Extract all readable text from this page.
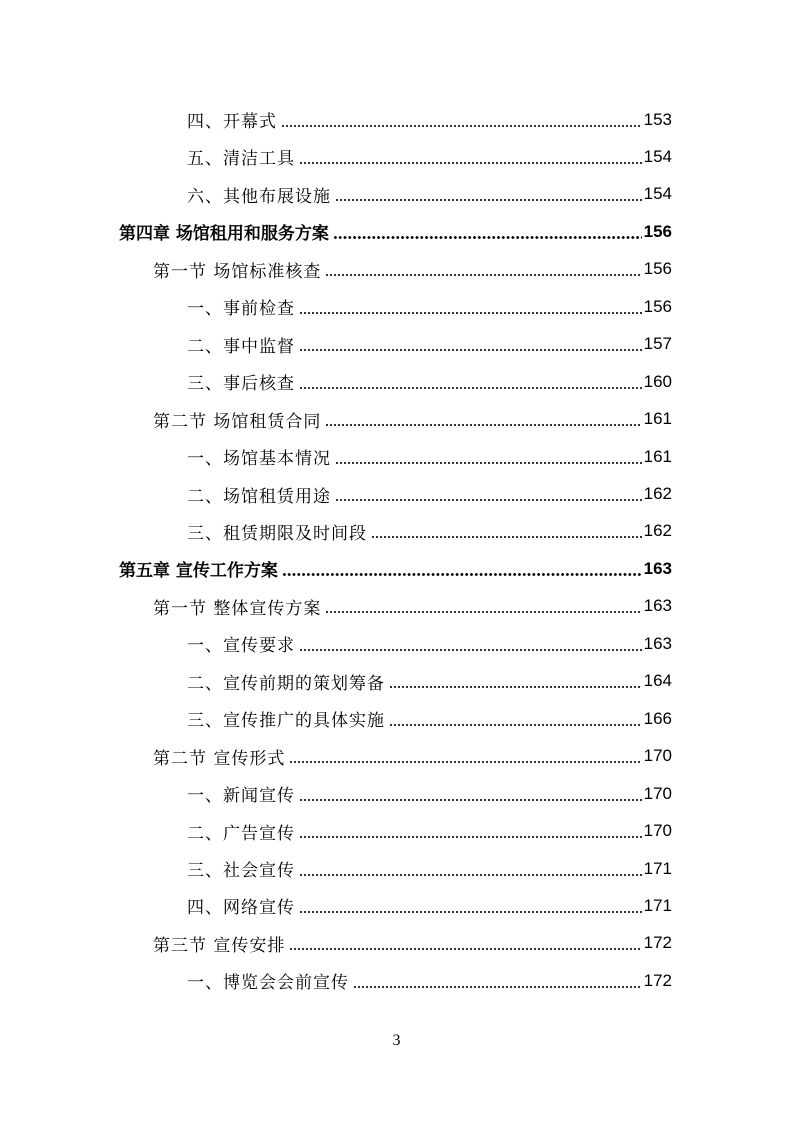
四、开幕式	153
五、清洁工具	154
六、其他布展设施	154
第四章 场馆租用和服务方案	156
第一节 场馆标准核查	156
一、事前检查	156
二、事中监督	157
三、事后核查	160
第二节 场馆租赁合同	161
一、场馆基本情况	161
二、场馆租赁用途	162
三、租赁期限及时间段	162
第五章 宣传工作方案	163
第一节 整体宣传方案	163
一、宣传要求	163
二、宣传前期的策划筹备	164
三、宣传推广的具体实施	166
第二节 宣传形式	170
一、新闻宣传	170
二、广告宣传	170
三、社会宣传	171
四、网络宣传	171
第三节 宣传安排	172
一、博览会会前宣传	172
3
